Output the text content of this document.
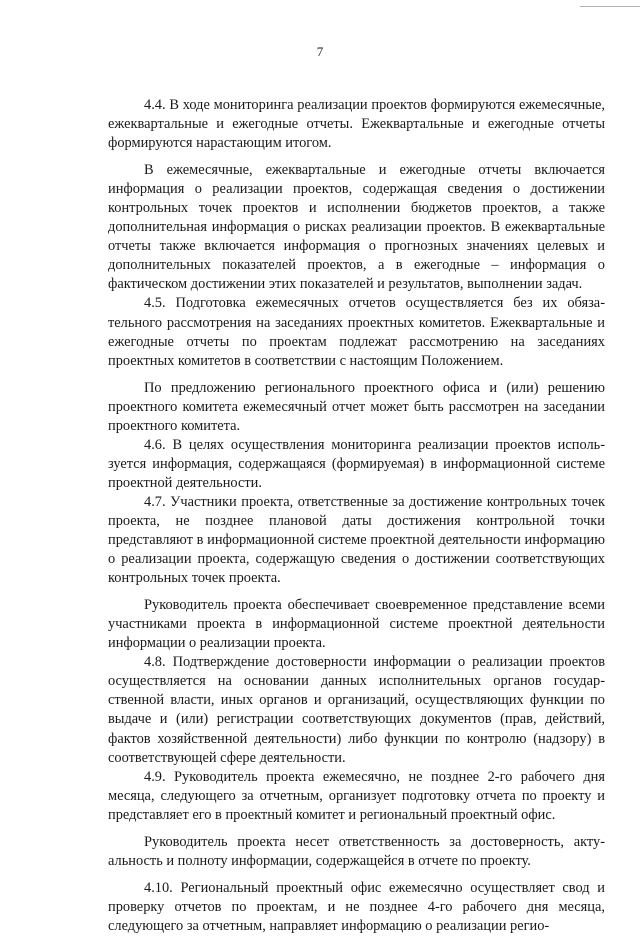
7

4.4. В ходе мониторинга реализации проектов формируются ежемесячные, ежеквартальные и ежегодные отчеты. Ежеквартальные и ежегодные отчеты формируются нарастающим итогом.

В ежемесячные, ежеквартальные и ежегодные отчеты включается информация о реализации проектов, содержащая сведения о достижении контрольных точек проектов и исполнении бюджетов проектов, а также дополнительная информация о рисках реализации проектов. В ежеквартальные отчеты также включается информация о прогнозных значениях целевых и дополнительных показателей проектов, а в ежегодные – информация о фактическом достижении этих показателей и результатов, выполнении задач.

4.5. Подготовка ежемесячных отчетов осуществляется без их обязательного рассмотрения на заседаниях проектных комитетов. Ежеквартальные и ежегодные отчеты по проектам подлежат рассмотрению на заседаниях проектных комитетов в соответствии с настоящим Положением.

По предложению регионального проектного офиса и (или) решению проектного комитета ежемесячный отчет может быть рассмотрен на заседании проектного комитета.

4.6. В целях осуществления мониторинга реализации проектов используется информация, содержащаяся (формируемая) в информационной системе проектной деятельности.

4.7. Участники проекта, ответственные за достижение контрольных точек проекта, не позднее плановой даты достижения контрольной точки представляют в информационной системе проектной деятельности информацию о реализации проекта, содержащую сведения о достижении соответствующих контрольных точек проекта.

Руководитель проекта обеспечивает своевременное представление всеми участниками проекта в информационной системе проектной деятельности информации о реализации проекта.

4.8. Подтверждение достоверности информации о реализации проектов осуществляется на основании данных исполнительных органов государственной власти, иных органов и организаций, осуществляющих функции по выдаче и (или) регистрации соответствующих документов (прав, действий, фактов хозяйственной деятельности) либо функции по контролю (надзору) в соответствующей сфере деятельности.

4.9. Руководитель проекта ежемесячно, не позднее 2-го рабочего дня месяца, следующего за отчетным, организует подготовку отчета по проекту и представляет его в проектный комитет и региональный проектный офис.

Руководитель проекта несет ответственность за достоверность, актуальность и полноту информации, содержащейся в отчете по проекту.

4.10. Региональный проектный офис ежемесячно осуществляет свод и проверку отчетов по проектам, и не позднее 4-го рабочего дня месяца, следующего за отчетным, направляет информацию о реализации регио-
